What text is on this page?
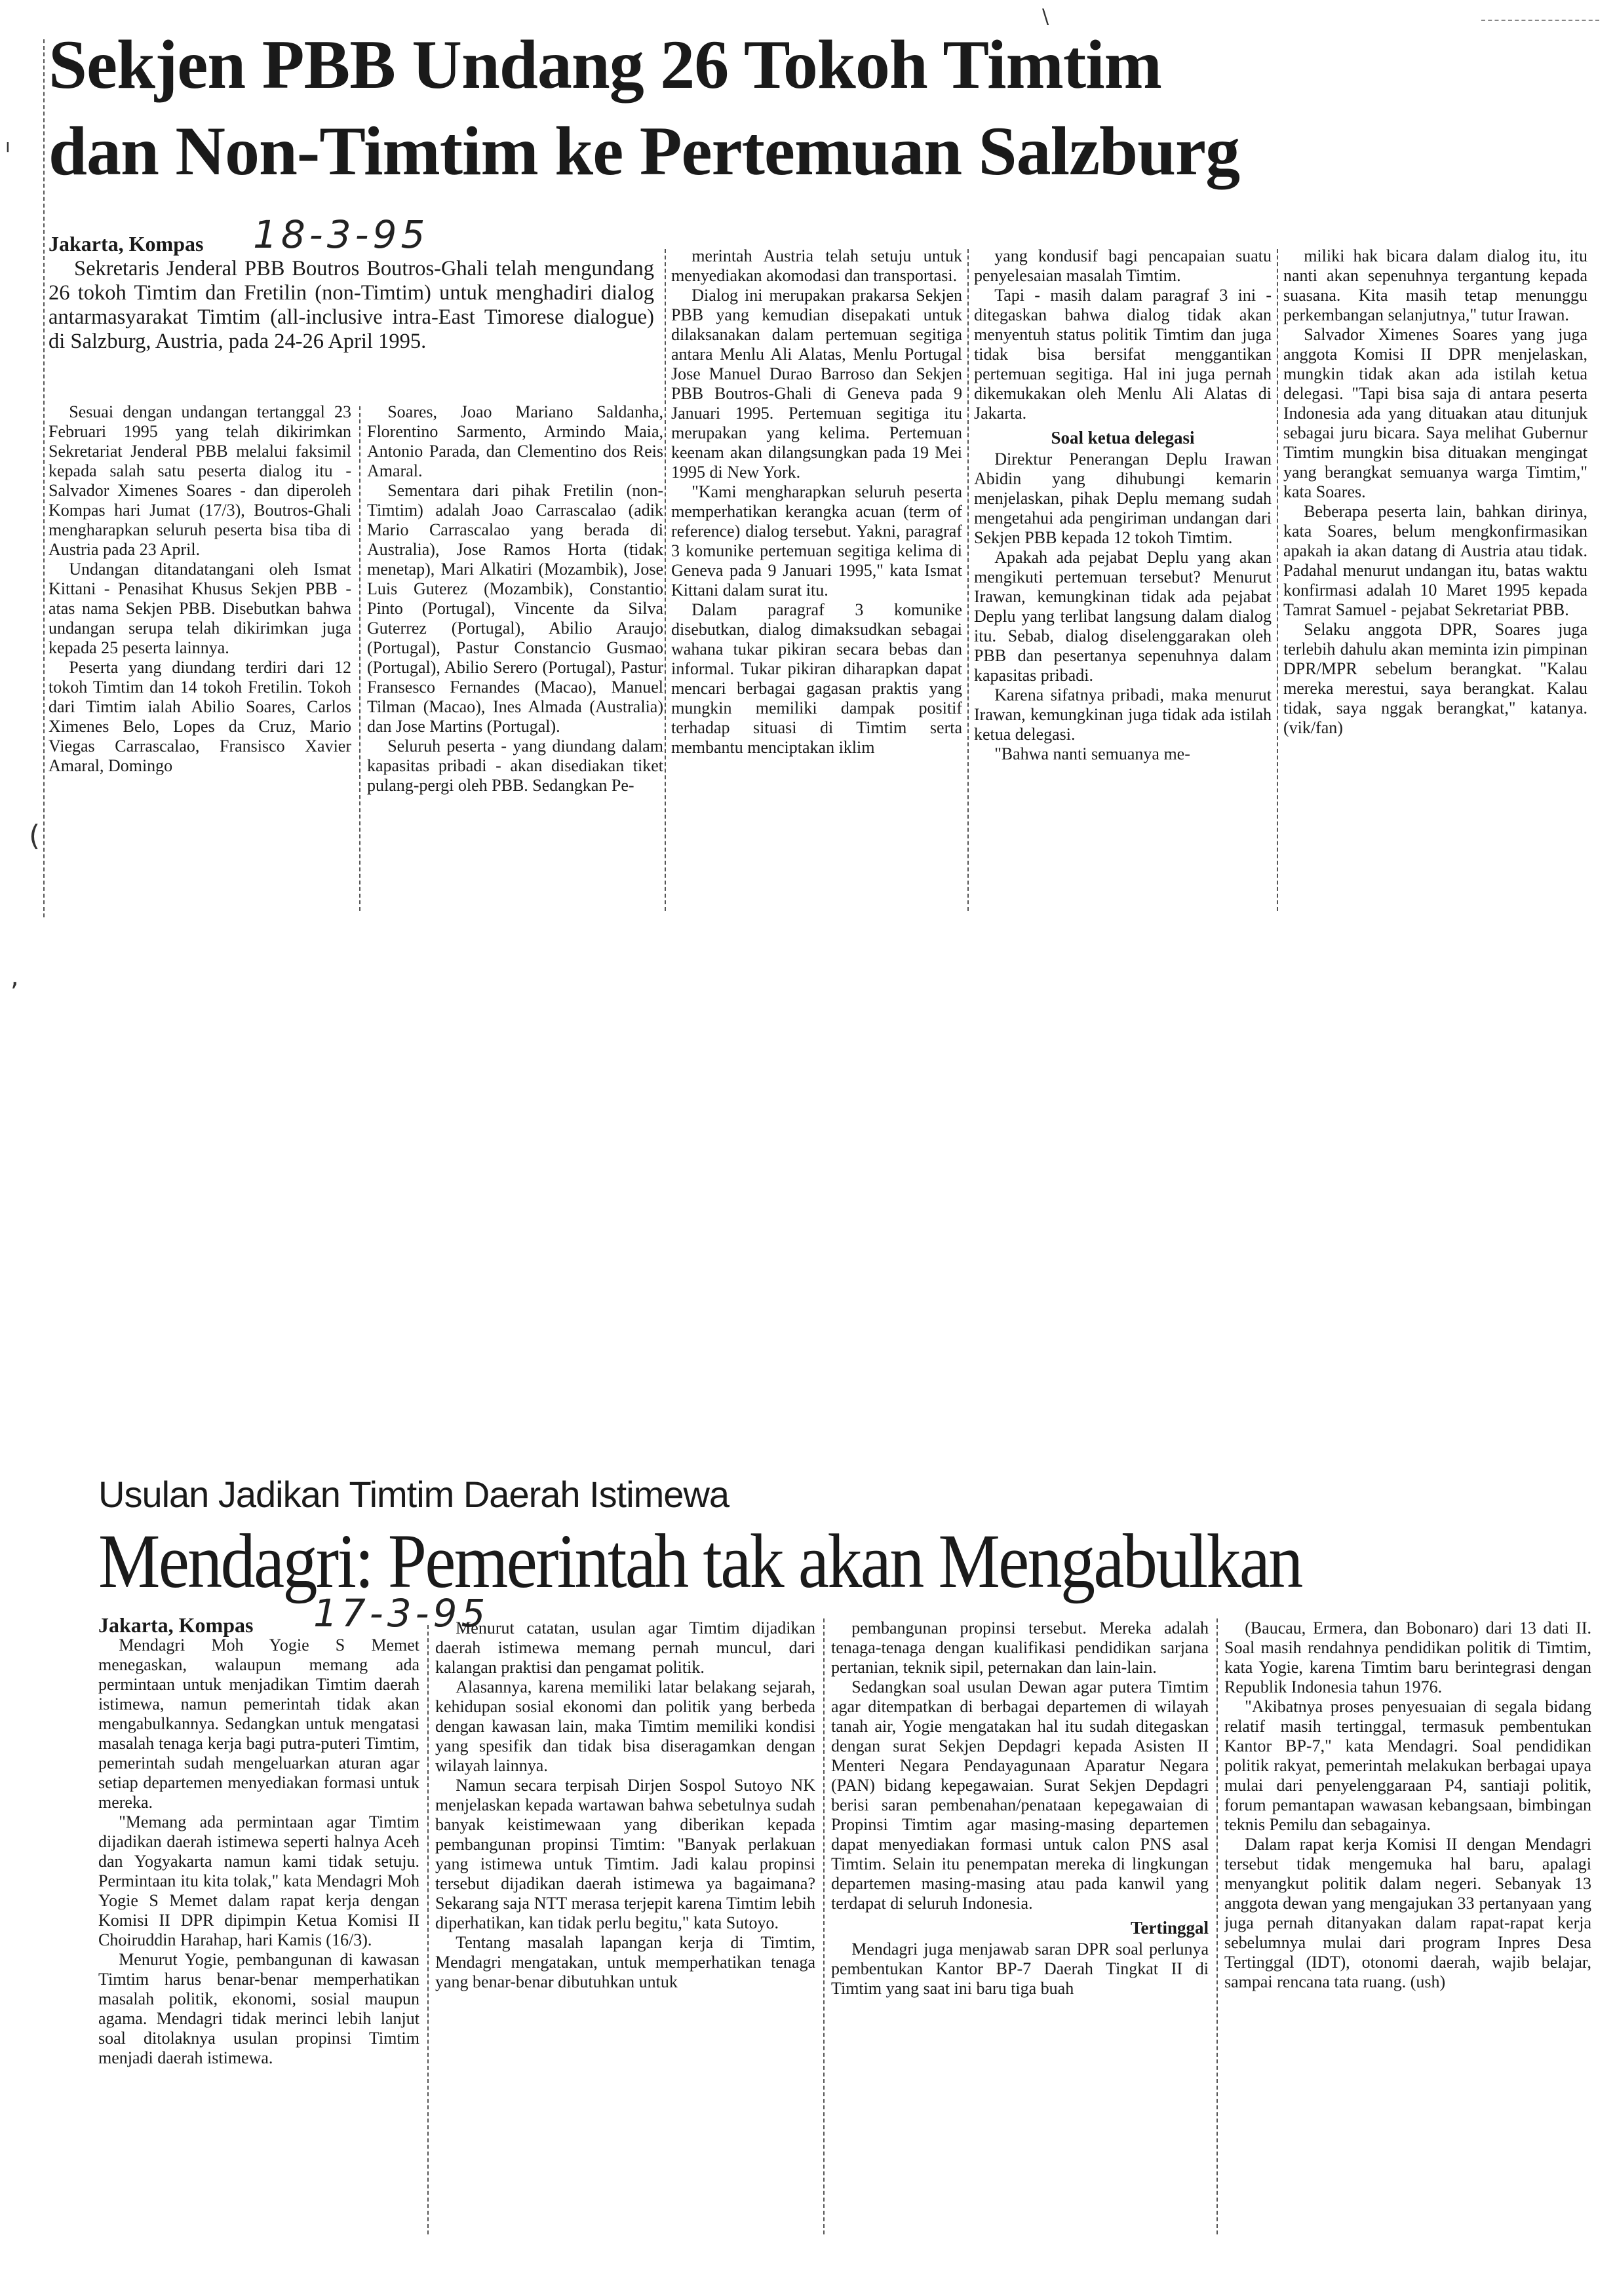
ı
\
Sekjen PBB Undang 26 Tokoh Timtim
dan Non-Timtim ke Pertemuan Salzburg
Jakarta, Kompas 18-3-95

Sekretaris Jenderal PBB Boutros Boutros-Ghali telah mengundang 26 tokoh Timtim dan Fretilin (non-Timtim) untuk menghadiri dialog antarmasyarakat Timtim (all-inclusive intra-East Timorese dialogue) di Salzburg, Austria, pada 24-26 April 1995.

Sesuai dengan undangan tertanggal 23 Februari 1995 yang telah dikirimkan Sekretariat Jenderal PBB melalui faksimil kepada salah satu peserta dialog itu - Salvador Ximenes Soares - dan diperoleh Kompas hari Jumat (17/3), Boutros-Ghali mengharapkan seluruh peserta bisa tiba di Austria pada 23 April.

Undangan ditandatangani oleh Ismat Kittani - Penasihat Khusus Sekjen PBB - atas nama Sekjen PBB. Disebutkan bahwa undangan serupa telah dikirimkan juga kepada 25 peserta lainnya.

Peserta yang diundang terdiri dari 12 tokoh Timtim dan 14 tokoh Fretilin. Tokoh dari Timtim ialah Abilio Soares, Carlos Ximenes Belo, Lopes da Cruz, Mario Viegas Carrascalao, Fransisco Xavier Amaral, Domingo

Soares, Joao Mariano Saldanha, Florentino Sarmento, Armindo Maia, Antonio Parada, dan Clementino dos Reis Amaral.

Sementara dari pihak Fretilin (non-Timtim) adalah Joao Carrascalao (adik Mario Carrascalao yang berada di Australia), Jose Ramos Horta (tidak menetap), Mari Alkatiri (Mozambik), Jose Luis Guterez (Mozambik), Constantio Pinto (Portugal), Vincente da Silva Guterrez (Portugal), Abilio Araujo (Portugal), Pastur Constancio Gusmao (Portugal), Abilio Serero (Portugal), Pastur Fransesco Fernandes (Macao), Manuel Tilman (Macao), Ines Almada (Australia) dan Jose Martins (Portugal).

Seluruh peserta - yang diundang dalam kapasitas pribadi - akan disediakan tiket pulang-pergi oleh PBB. Sedangkan Pe-

merintah Austria telah setuju untuk menyediakan akomodasi dan transportasi.

Dialog ini merupakan prakarsa Sekjen PBB yang kemudian disepakati untuk dilaksanakan dalam pertemuan segitiga antara Menlu Ali Alatas, Menlu Portugal Jose Manuel Durao Barroso dan Sekjen PBB Boutros-Ghali di Geneva pada 9 Januari 1995. Pertemuan segitiga itu merupakan yang kelima. Pertemuan keenam akan dilangsungkan pada 19 Mei 1995 di New York.

"Kami mengharapkan seluruh peserta memperhatikan kerangka acuan (term of reference) dialog tersebut. Yakni, paragraf 3 komunike pertemuan segitiga kelima di Geneva pada 9 Januari 1995," kata Ismat Kittani dalam surat itu.

Dalam paragraf 3 komunike disebutkan, dialog dimaksudkan sebagai wahana tukar pikiran secara bebas dan informal. Tukar pikiran diharapkan dapat mencari berbagai gagasan praktis yang mungkin memiliki dampak positif terhadap situasi di Timtim serta membantu menciptakan iklim

yang kondusif bagi pencapaian suatu penyelesaian masalah Timtim.

Tapi - masih dalam paragraf 3 ini - ditegaskan bahwa dialog tidak akan menyentuh status politik Timtim dan juga tidak bisa bersifat menggantikan pertemuan segitiga. Hal ini juga pernah dikemukakan oleh Menlu Ali Alatas di Jakarta.

Soal ketua delegasi

Direktur Penerangan Deplu Irawan Abidin yang dihubungi kemarin menjelaskan, pihak Deplu memang sudah mengetahui ada pengiriman undangan dari Sekjen PBB kepada 12 tokoh Timtim.

Apakah ada pejabat Deplu yang akan mengikuti pertemuan tersebut? Menurut Irawan, kemungkinan tidak ada pejabat Deplu yang terlibat langsung dalam dialog itu. Sebab, dialog diselenggarakan oleh PBB dan pesertanya sepenuhnya dalam kapasitas pribadi.

Karena sifatnya pribadi, maka menurut Irawan, kemungkinan juga tidak ada istilah ketua delegasi.

"Bahwa nanti semuanya me-

miliki hak bicara dalam dialog itu, itu nanti akan sepenuhnya tergantung kepada suasana. Kita masih tetap menunggu perkembangan selanjutnya," tutur Irawan.

Salvador Ximenes Soares yang juga anggota Komisi II DPR menjelaskan, mungkin tidak akan ada istilah ketua delegasi. "Tapi bisa saja di antara peserta Indonesia ada yang dituakan atau ditunjuk sebagai juru bicara. Saya melihat Gubernur Timtim mungkin bisa dituakan mengingat yang berangkat semuanya warga Timtim," kata Soares.

Beberapa peserta lain, bahkan dirinya, kata Soares, belum mengkonfirmasikan apakah ia akan datang di Austria atau tidak. Padahal menurut undangan itu, batas waktu konfirmasi adalah 10 Maret 1995 kepada Tamrat Samuel - pejabat Sekretariat PBB.

Selaku anggota DPR, Soares juga terlebih dahulu akan meminta izin pimpinan DPR/MPR sebelum berangkat. "Kalau mereka merestui, saya berangkat. Kalau tidak, saya nggak berangkat," katanya. (vik/fan)

(
,
Usulan Jadikan Timtim Daerah Istimewa
Mendagri: Pemerintah tak akan Mengabulkan
Jakarta, Kompas 17-3-95

Mendagri Moh Yogie S Memet menegaskan, walaupun memang ada permintaan untuk menjadikan Timtim daerah istimewa, namun pemerintah tidak akan mengabulkannya. Sedangkan untuk mengatasi masalah tenaga kerja bagi putra-puteri Timtim, pemerintah sudah mengeluarkan aturan agar setiap departemen menyediakan formasi untuk mereka.

"Memang ada permintaan agar Timtim dijadikan daerah istimewa seperti halnya Aceh dan Yogyakarta namun kami tidak setuju. Permintaan itu kita tolak," kata Mendagri Moh Yogie S Memet dalam rapat kerja dengan Komisi II DPR dipimpin Ketua Komisi II Choiruddin Harahap, hari Kamis (16/3).

Menurut Yogie, pembangunan di kawasan Timtim harus benar-benar memperhatikan masalah politik, ekonomi, sosial maupun agama. Mendagri tidak merinci lebih lanjut soal ditolaknya usulan propinsi Timtim menjadi daerah istimewa.

Menurut catatan, usulan agar Timtim dijadikan daerah istimewa memang pernah muncul, dari kalangan praktisi dan pengamat politik.

Alasannya, karena memiliki latar belakang sejarah, kehidupan sosial ekonomi dan politik yang berbeda dengan kawasan lain, maka Timtim memiliki kondisi yang spesifik dan tidak bisa diseragamkan dengan wilayah lainnya.

Namun secara terpisah Dirjen Sospol Sutoyo NK menjelaskan kepada wartawan bahwa sebetulnya sudah banyak keistimewaan yang diberikan kepada pembangunan propinsi Timtim: "Banyak perlakuan yang istimewa untuk Timtim. Jadi kalau propinsi tersebut dijadikan daerah istimewa ya bagaimana? Sekarang saja NTT merasa terjepit karena Timtim lebih diperhatikan, kan tidak perlu begitu," kata Sutoyo.

Tentang masalah lapangan kerja di Timtim, Mendagri mengatakan, untuk memperhatikan tenaga yang benar-benar dibutuhkan untuk

pembangunan propinsi tersebut. Mereka adalah tenaga-tenaga dengan kualifikasi pendidikan sarjana pertanian, teknik sipil, peternakan dan lain-lain.

Sedangkan soal usulan Dewan agar putera Timtim agar ditempatkan di berbagai departemen di wilayah tanah air, Yogie mengatakan hal itu sudah ditegaskan dengan surat Sekjen Depdagri kepada Asisten II Menteri Negara Pendayagunaan Aparatur Negara (PAN) bidang kepegawaian. Surat Sekjen Depdagri berisi saran pembenahan/penataan kepegawaian di Propinsi Timtim agar masing-masing departemen dapat menyediakan formasi untuk calon PNS asal Timtim. Selain itu penempatan mereka di lingkungan departemen masing-masing atau pada kanwil yang terdapat di seluruh Indonesia.

Tertinggal

Mendagri juga menjawab saran DPR soal perlunya pembentukan Kantor BP-7 Daerah Tingkat II di Timtim yang saat ini baru tiga buah

(Baucau, Ermera, dan Bobonaro) dari 13 dati II. Soal masih rendahnya pendidikan politik di Timtim, kata Yogie, karena Timtim baru berintegrasi dengan Republik Indonesia tahun 1976.

"Akibatnya proses penyesuaian di segala bidang relatif masih tertinggal, termasuk pembentukan Kantor BP-7," kata Mendagri. Soal pendidikan politik rakyat, pemerintah melakukan berbagai upaya mulai dari penyelenggaraan P4, santiaji politik, forum pemantapan wawasan kebangsaan, bimbingan teknis Pemilu dan sebagainya.

Dalam rapat kerja Komisi II dengan Mendagri tersebut tidak mengemuka hal baru, apalagi menyangkut politik dalam negeri. Sebanyak 13 anggota dewan yang mengajukan 33 pertanyaan yang juga pernah ditanyakan dalam rapat-rapat kerja sebelumnya mulai dari program Inpres Desa Tertinggal (IDT), otonomi daerah, wajib belajar, sampai rencana tata ruang. (ush)
